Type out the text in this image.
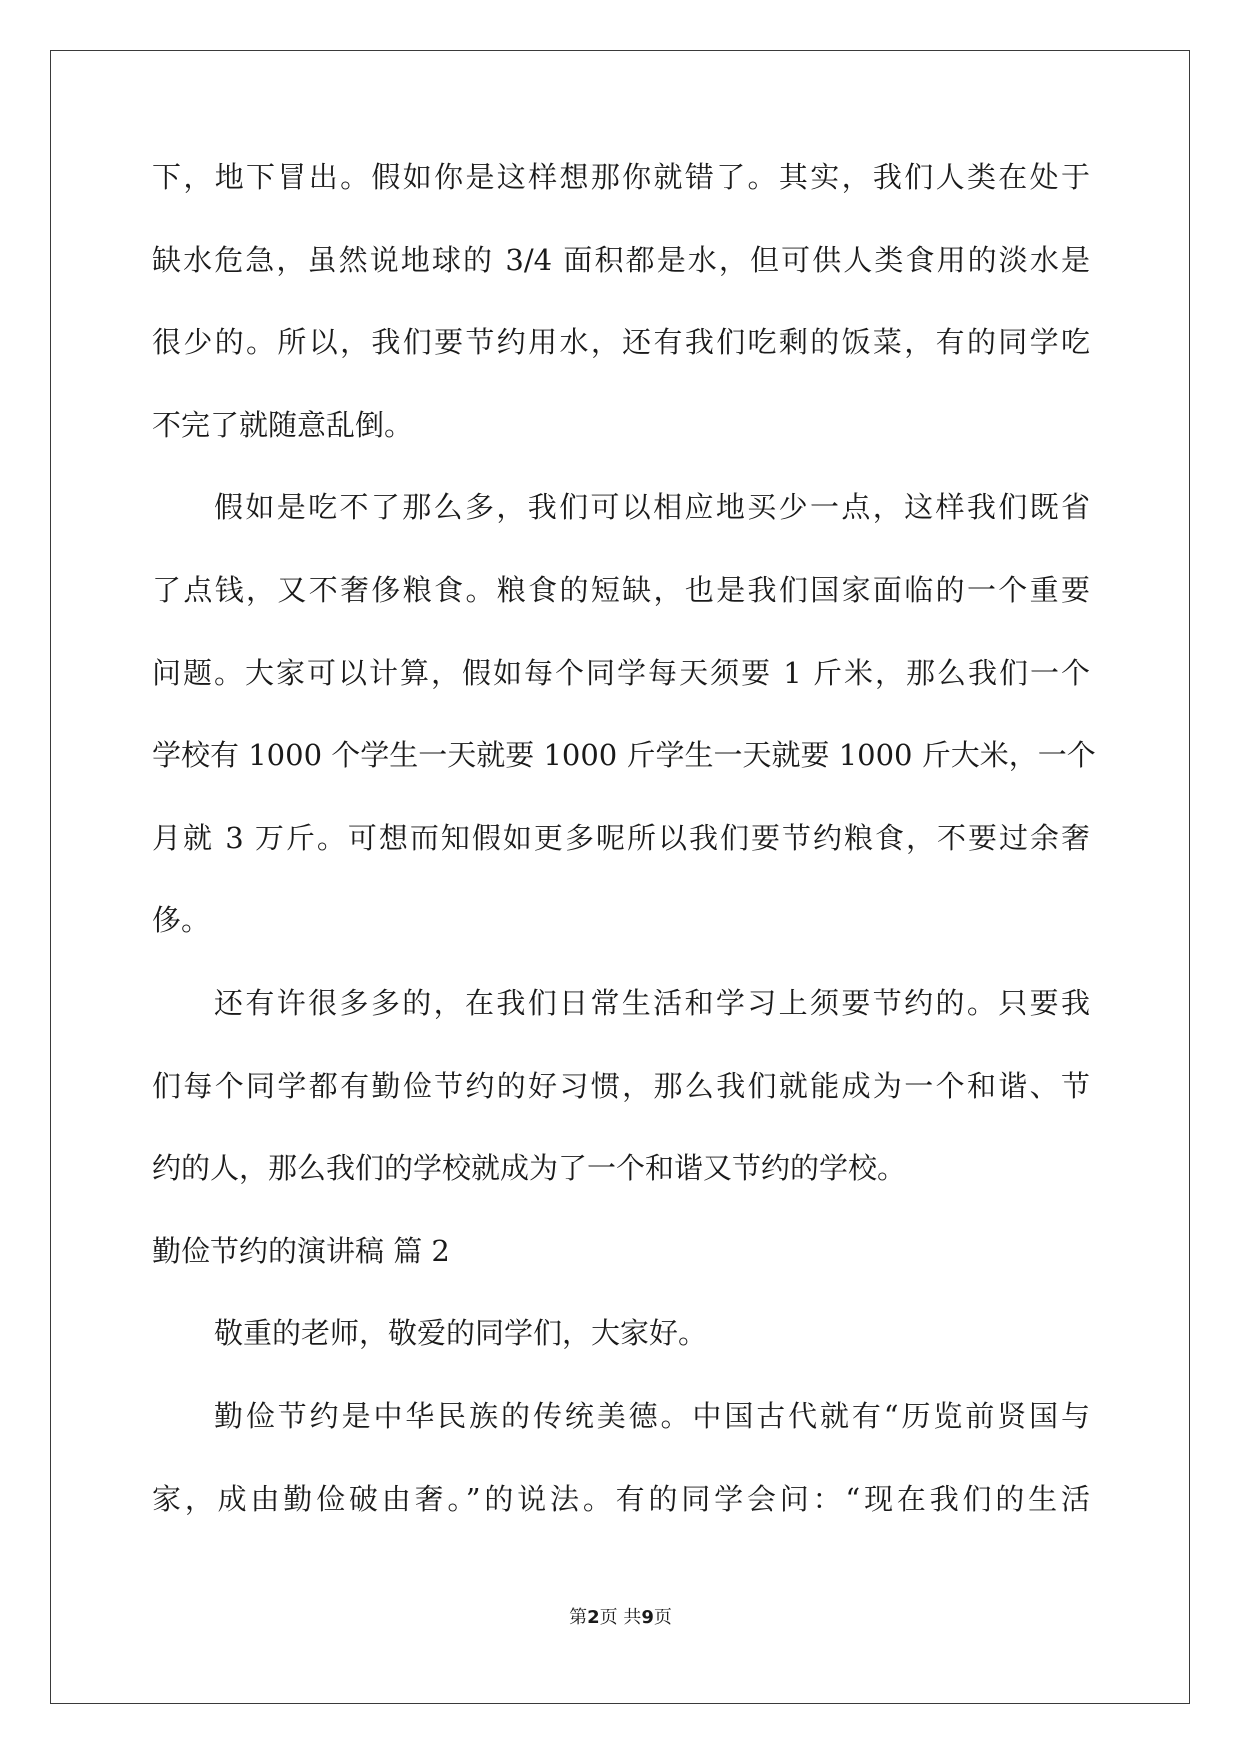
下，地下冒出。假如你是这样想那你就错了。其实，我们人类在处于
缺水危急，虽然说地球的 3/4 面积都是水，但可供人类食用的淡水是
很少的。所以，我们要节约用水，还有我们吃剩的饭菜，有的同学吃
不完了就随意乱倒。
假如是吃不了那么多，我们可以相应地买少一点，这样我们既省
了点钱，又不奢侈粮食。粮食的短缺，也是我们国家面临的一个重要
问题。大家可以计算，假如每个同学每天须要 1 斤米，那么我们一个
学校有 1000 个学生一天就要 1000 斤学生一天就要 1000 斤大米，一个
月就 3 万斤。可想而知假如更多呢所以我们要节约粮食，不要过余奢
侈。
还有许很多多的，在我们日常生活和学习上须要节约的。只要我
们每个同学都有勤俭节约的好习惯，那么我们就能成为一个和谐、节
约的人，那么我们的学校就成为了一个和谐又节约的学校。
勤俭节约的演讲稿 篇 2
敬重的老师，敬爱的同学们，大家好。
勤俭节约是中华民族的传统美德。中国古代就有“历览前贤国与
家，成由勤俭破由奢。”的说法。有的同学会问：“现在我们的生活
第2页 共9页
